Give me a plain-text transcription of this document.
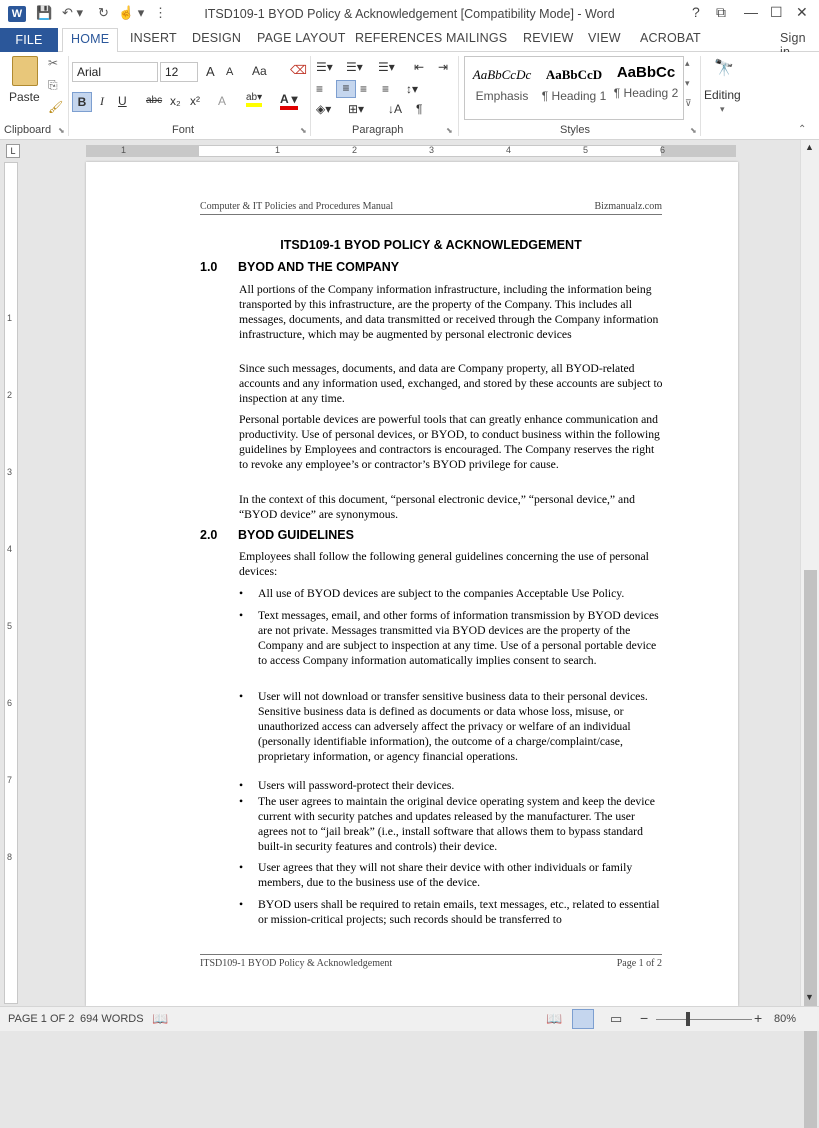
W 💾 ↶ ▾ ↻ ☝ ▾ ⋮	ITSD109-1 BYOD Policy & Acknowledgement [Compatibility Mode] - Word	? ⧉ — ☐ ✕
FILE	HOME	INSERT DESIGN PAGE LAYOUT REFERENCES MAILINGS REVIEW VIEW ACROBAT	Sign
Paste
✂
⎘
🖌
Clipboard ⬊
Arial	12	A A Aa ⌫
B	I U abc x₂ x² A ab▾ A ▾
Font	⬊
☰▾ ☰▾ ☰▾ ⇤ ⇥
≡	≡ ≡ ≡ ↕▾
◈▾ ⊞▾ ↓A ¶
Paragraph	⬊
AaBbCcDc
Emphasis
AaBbCcD
¶ Heading 1
AaBbCc
¶ Heading 2
▴
▾
⊽
Styles	⬊
🔭
Editing
▾
⌃
L	1	1	2	3	4	5	6
1
2
3
4
5
6
7
8
▲
▼
Computer & IT Policies and Procedures Manual	Bizmanualz.com
ITSD109-1 BYOD POLICY & ACKNOWLEDGEMENT
1.0 BYOD AND THE COMPANY
All portions of the Company information infrastructure, including the information being transported by this infrastructure, are the property of the Company. This includes all messages, documents, and data transmitted or received through the Company information infrastructure, which may be augmented by personal electronic devices
Since such messages, documents, and data are Company property, all BYOD-related accounts and any information used, exchanged, and stored by these accounts are subject to inspection at any time.
Personal portable devices are powerful tools that can greatly enhance communication and productivity. Use of personal devices, or BYOD, to conduct business within the following guidelines by Employees and contractors is encouraged. The Company reserves the right to revoke any employee’s or contractor’s BYOD privilege for cause.
In the context of this document, “personal electronic device,” “personal device,” and “BYOD device” are synonymous.
2.0 BYOD GUIDELINES
Employees shall follow the following general guidelines concerning the use of personal devices:
• All use of BYOD devices are subject to the companies Acceptable Use Policy.
• Text messages, email, and other forms of information transmission by BYOD devices are not private. Messages transmitted via BYOD devices are the property of the Company and are subject to inspection at any time. Use of a personal portable device to access Company information automatically implies consent to search.
• User will not download or transfer sensitive business data to their personal devices. Sensitive business data is defined as documents or data whose loss, misuse, or unauthorized access can adversely affect the privacy or welfare of an individual (personally identifiable information), the outcome of a charge/complaint/case, proprietary information, or agency financial operations.
• Users will password-protect their devices.
• The user agrees to maintain the original device operating system and keep the device current with security patches and updates released by the manufacturer. The user agrees not to “jail break” (i.e., install software that allows them to bypass standard built-in security features and controls) their device.
• User agrees that they will not share their device with other individuals or family members, due to the business use of the device.
• BYOD users shall be required to retain emails, text messages, etc., related to essential or mission-critical projects; such records should be transferred to
ITSD109-1 BYOD Policy & Acknowledgement	Page 1 of 2
PAGE 1 OF 2 694 WORDS 📖	📖	▭ −	+ 80%
